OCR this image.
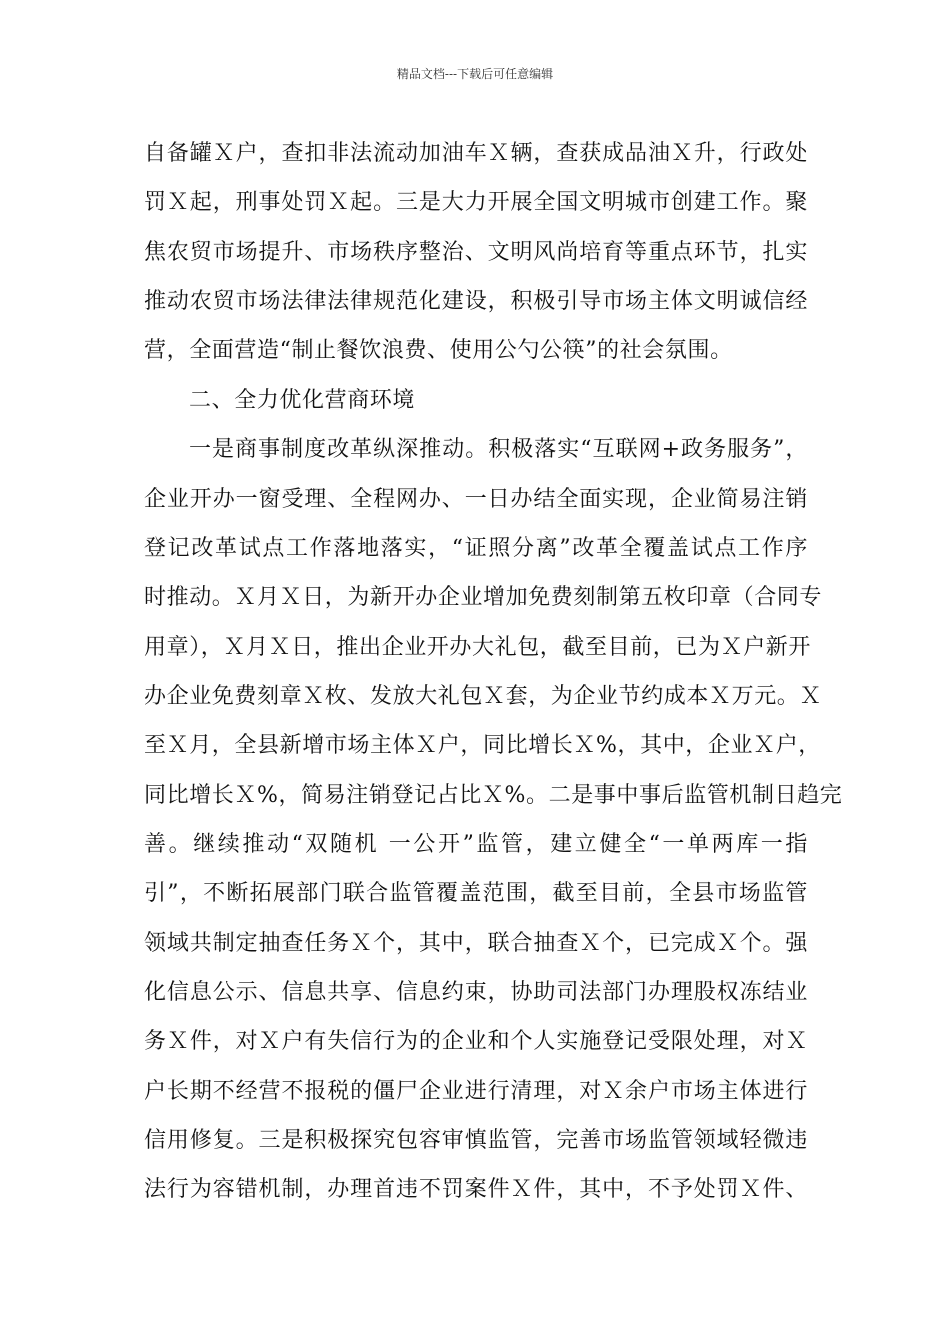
精品文档---下载后可任意编辑
自备罐Ｘ户，查扣非法流动加油车Ｘ辆，查获成品油Ｘ升，行政处
罚Ｘ起，刑事处罚Ｘ起。三是大力开展全国文明城市创建工作。聚
焦农贸市场提升、市场秩序整治、文明风尚培育等重点环节，扎实
推动农贸市场法律法律规范化建设，积极引导市场主体文明诚信经
营，全面营造“制止餐饮浪费、使用公勺公筷”的社会氛围。
二、全力优化营商环境
一是商事制度改革纵深推动。积极落实“互联网+政务服务”，
企业开办一窗受理、全程网办、一日办结全面实现，企业简易注销
登记改革试点工作落地落实，“证照分离”改革全覆盖试点工作序
时推动。Ｘ月Ｘ日，为新开办企业增加免费刻制第五枚印章（合同专
用章），Ｘ月Ｘ日，推出企业开办大礼包，截至目前，已为Ｘ户新开
办企业免费刻章Ｘ枚、发放大礼包Ｘ套，为企业节约成本Ｘ万元。Ｘ
至Ｘ月，全县新增市场主体Ｘ户，同比增长Ｘ%，其中，企业Ｘ户，
同比增长Ｘ%，简易注销登记占比Ｘ%。二是事中事后监管机制日趋完
善。继续推动“双随机 一公开”监管，建立健全“一单两库一指
引”，不断拓展部门联合监管覆盖范围，截至目前，全县市场监管
领域共制定抽查任务Ｘ个，其中，联合抽查Ｘ个，已完成Ｘ个。强
化信息公示、信息共享、信息约束，协助司法部门办理股权冻结业
务Ｘ件，对Ｘ户有失信行为的企业和个人实施登记受限处理，对Ｘ
户长期不经营不报税的僵尸企业进行清理，对Ｘ余户市场主体进行
信用修复。三是积极探究包容审慎监管，完善市场监管领域轻微违
法行为容错机制，办理首违不罚案件Ｘ件，其中，不予处罚Ｘ件、
